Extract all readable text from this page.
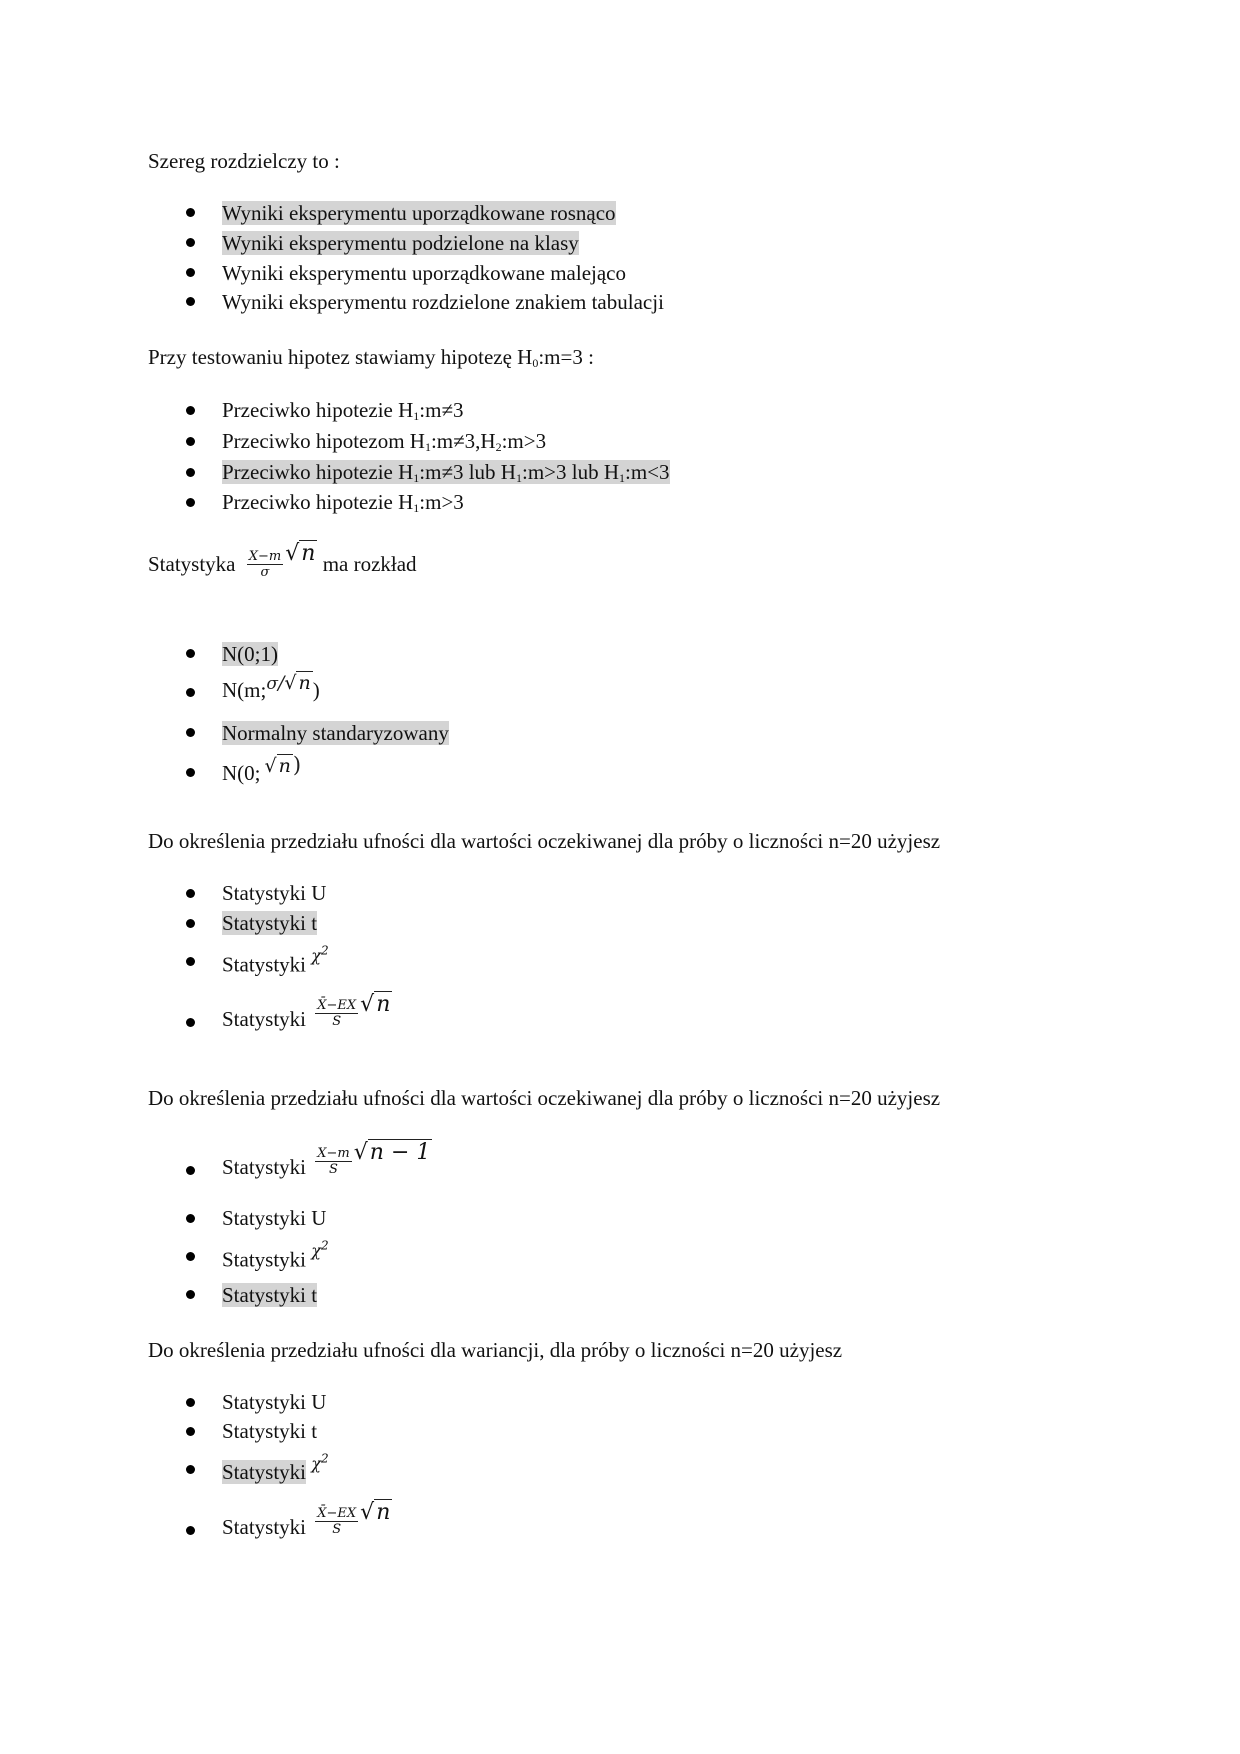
Szereg rozdzielczy to :
Wyniki eksperymentu uporządkowane rosnąco
Wyniki eksperymentu podzielone na klasy
Wyniki eksperymentu uporządkowane malejąco
Wyniki eksperymentu rozdzielone znakiem tabulacji
Przy testowaniu hipotez stawiamy hipotezę $H_0:m=3$ :
Przeciwko hipotezie $H_1:m\ne 3$
Przeciwko hipotezom $H_1:m\ne 3,H_2:m>3$
Przeciwko hipotezie $H_1:m\ne 3$ lub $H_1:m>3$ lub $H_1:m<3$
Przeciwko hipotezie $H_1:m>3$
Statystyka $\frac{X-m}{\sigma} √n$ ma rozkład
N(0;1)
N(m;$^\sigma$/√ n)
Normalny standaryzowany
N(0; √ n)
Do określenia przedziału ufności dla wartości oczekiwanej dla próby o liczności n=20 użyjesz
Statystyki U
Statystyki t
Statystyki $^{\chi^2}$
Statystyki $\frac{X̄-EX}{S} √n$
Do określenia przedziału ufności dla wartości oczekiwanej dla próby o liczności n=20 użyjesz
Statystyki $\frac{X-m}{S} √n - 1$
Statystyki U
Statystyki $^{\chi^2}$
Statystyki t
Do określenia przedziału ufności dla wariancji, dla próby o liczności n=20 użyjesz
Statystyki U
Statystyki t
Statystyki $^{\chi^2}$
Statystyki $\frac{X̄-EX}{S} √n$
